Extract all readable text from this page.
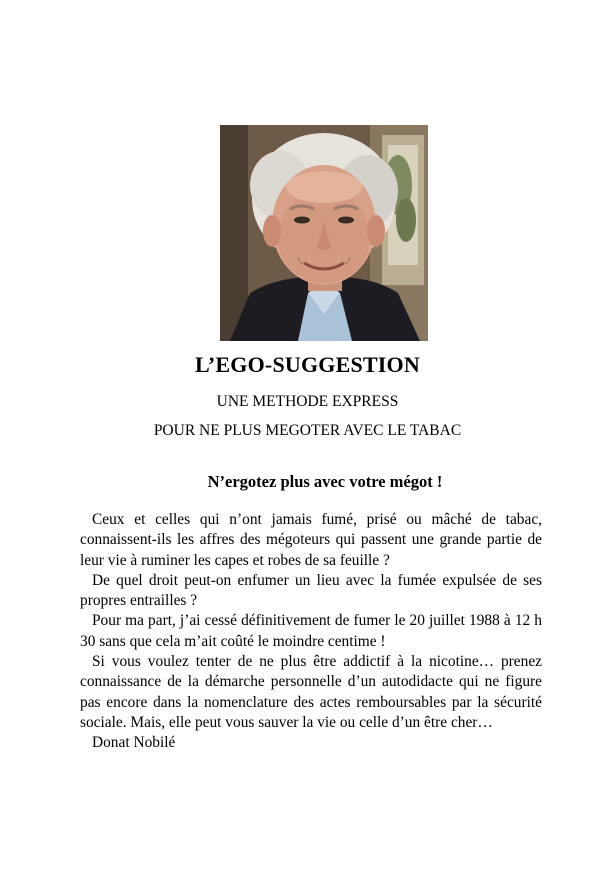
L’EGO-SUGGESTION
UNE METHODE EXPRESS
POUR NE PLUS MEGOTER AVEC LE TABAC
N’ergotez plus avec votre mégot !

Ceux et celles qui n’ont jamais fumé, prisé ou mâché de tabac, connaissent-ils les affres des mégoteurs qui passent une grande partie de leur vie à ruminer les capes et robes de sa feuille ?

De quel droit peut-on enfumer un lieu avec la fumée expulsée de ses propres entrailles ?

Pour ma part, j’ai cessé définitivement de fumer le 20 juillet 1988 à 12 h 30 sans que cela m’ait coûté le moindre centime !

Si vous voulez tenter de ne plus être addictif à la nicotine… prenez connaissance de la démarche personnelle d’un autodidacte qui ne figure pas encore dans la nomenclature des actes remboursables par la sécurité sociale. Mais, elle peut vous sauver la vie ou celle d’un être cher…

Donat Nobilé
